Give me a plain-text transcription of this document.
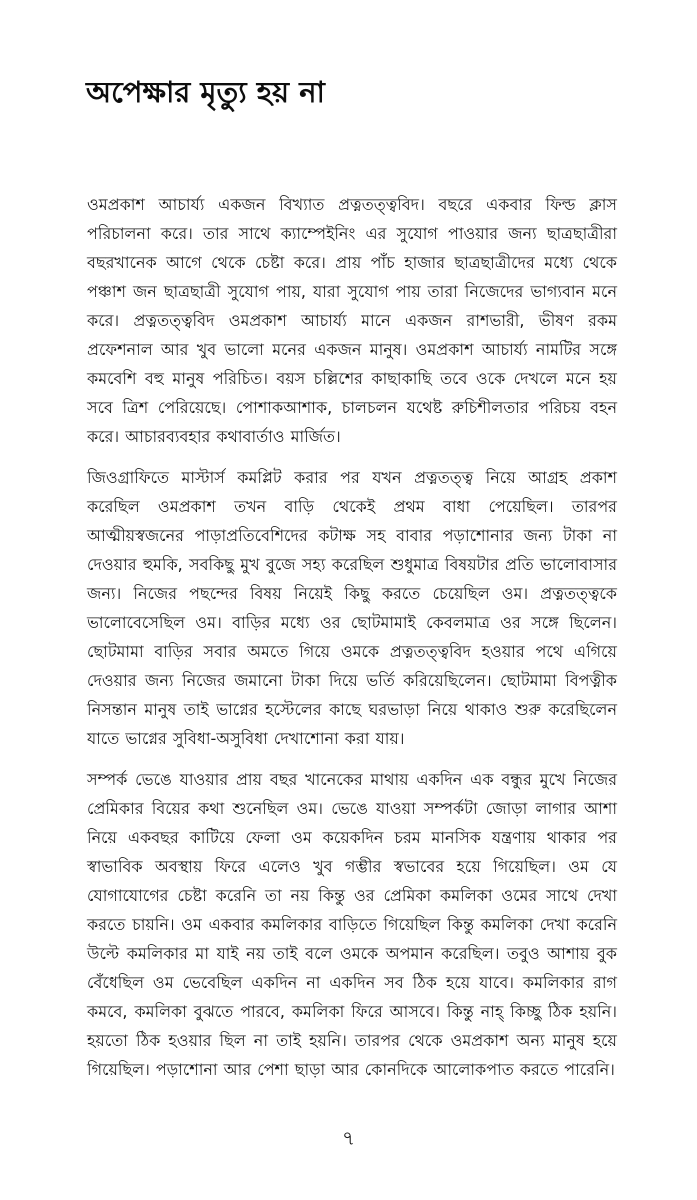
অপেক্ষার মৃত্যু হয় না

ওমপ্রকাশ আচার্য্য একজন বিখ্যাত প্রত্নতত্ত্ববিদ। বছরে একবার ফিল্ড ক্লাস পরিচালনা করে। তার সাথে ক্যাম্পেইনিং এর সুযোগ পাওয়ার জন্য ছাত্রছাত্রীরা বছরখানেক আগে থেকে চেষ্টা করে। প্রায় পাঁচ হাজার ছাত্রছাত্রীদের মধ্যে থেকে পঞ্চাশ জন ছাত্রছাত্রী সুযোগ পায়, যারা সুযোগ পায় তারা নিজেদের ভাগ্যবান মনে করে। প্রত্নতত্ত্ববিদ ওমপ্রকাশ আচার্য্য মানে একজন রাশভারী, ভীষণ রকম প্রফেশনাল আর খুব ভালো মনের একজন মানুষ। ওমপ্রকাশ আচার্য্য নামটির সঙ্গে কমবেশি বহু মানুষ পরিচিত। বয়স চল্লিশের কাছাকাছি তবে ওকে দেখলে মনে হয় সবে ত্রিশ পেরিয়েছে। পোশাকআশাক, চালচলন যথেষ্ট রুচিশীলতার পরিচয় বহন করে। আচারব্যবহার কথাবার্তাও মার্জিত।

জিওগ্রাফিতে মাস্টার্স কমপ্লিট করার পর যখন প্রত্নতত্ত্ব নিয়ে আগ্রহ প্রকাশ করেছিল ওমপ্রকাশ তখন বাড়ি থেকেই প্রথম বাধা পেয়েছিল। তারপর আত্মীয়স্বজনের পাড়াপ্রতিবেশিদের কটাক্ষ সহ বাবার পড়াশোনার জন্য টাকা না দেওয়ার হুমকি, সবকিছু মুখ বুজে সহ্য করেছিল শুধুমাত্র বিষয়টার প্রতি ভালোবাসার জন্য। নিজের পছন্দের বিষয় নিয়েই কিছু করতে চেয়েছিল ওম। প্রত্নতত্ত্বকে ভালোবেসেছিল ওম। বাড়ির মধ্যে ওর ছোটমামাই কেবলমাত্র ওর সঙ্গে ছিলেন। ছোটমামা বাড়ির সবার অমতে গিয়ে ওমকে প্রত্নতত্ত্ববিদ হওয়ার পথে এগিয়ে দেওয়ার জন্য নিজের জমানো টাকা দিয়ে ভর্তি করিয়েছিলেন। ছোটমামা বিপত্নীক নিসন্তান মানুষ তাই ভাগ্নের হস্টেলের কাছে ঘরভাড়া নিয়ে থাকাও শুরু করেছিলেন যাতে ভাগ্নের সুবিধা-অসুবিধা দেখাশোনা করা যায়।

সম্পর্ক ভেঙে যাওয়ার প্রায় বছর খানেকের মাথায় একদিন এক বন্ধুর মুখে নিজের প্রেমিকার বিয়ের কথা শুনেছিল ওম। ভেঙে যাওয়া সম্পর্কটা জোড়া লাগার আশা নিয়ে একবছর কাটিয়ে ফেলা ওম কয়েকদিন চরম মানসিক যন্ত্রণায় থাকার পর স্বাভাবিক অবস্থায় ফিরে এলেও খুব গম্ভীর স্বভাবের হয়ে গিয়েছিল। ওম যে যোগাযোগের চেষ্টা করেনি তা নয় কিন্তু ওর প্রেমিকা কমলিকা ওমের সাথে দেখা করতে চায়নি। ওম একবার কমলিকার বাড়িতে গিয়েছিল কিন্তু কমলিকা দেখা করেনি উল্টে কমলিকার মা যাই নয় তাই বলে ওমকে অপমান করেছিল। তবুও আশায় বুক বেঁধেছিল ওম ভেবেছিল একদিন না একদিন সব ঠিক হয়ে যাবে। কমলিকার রাগ কমবে, কমলিকা বুঝতে পারবে, কমলিকা ফিরে আসবে। কিন্তু নাহ্ কিচ্ছু ঠিক হয়নি। হয়তো ঠিক হওয়ার ছিল না তাই হয়নি। তারপর থেকে ওমপ্রকাশ অন্য মানুষ হয়ে গিয়েছিল। পড়াশোনা আর পেশা ছাড়া আর কোনদিকে আলোকপাত করতে পারেনি।

৭
